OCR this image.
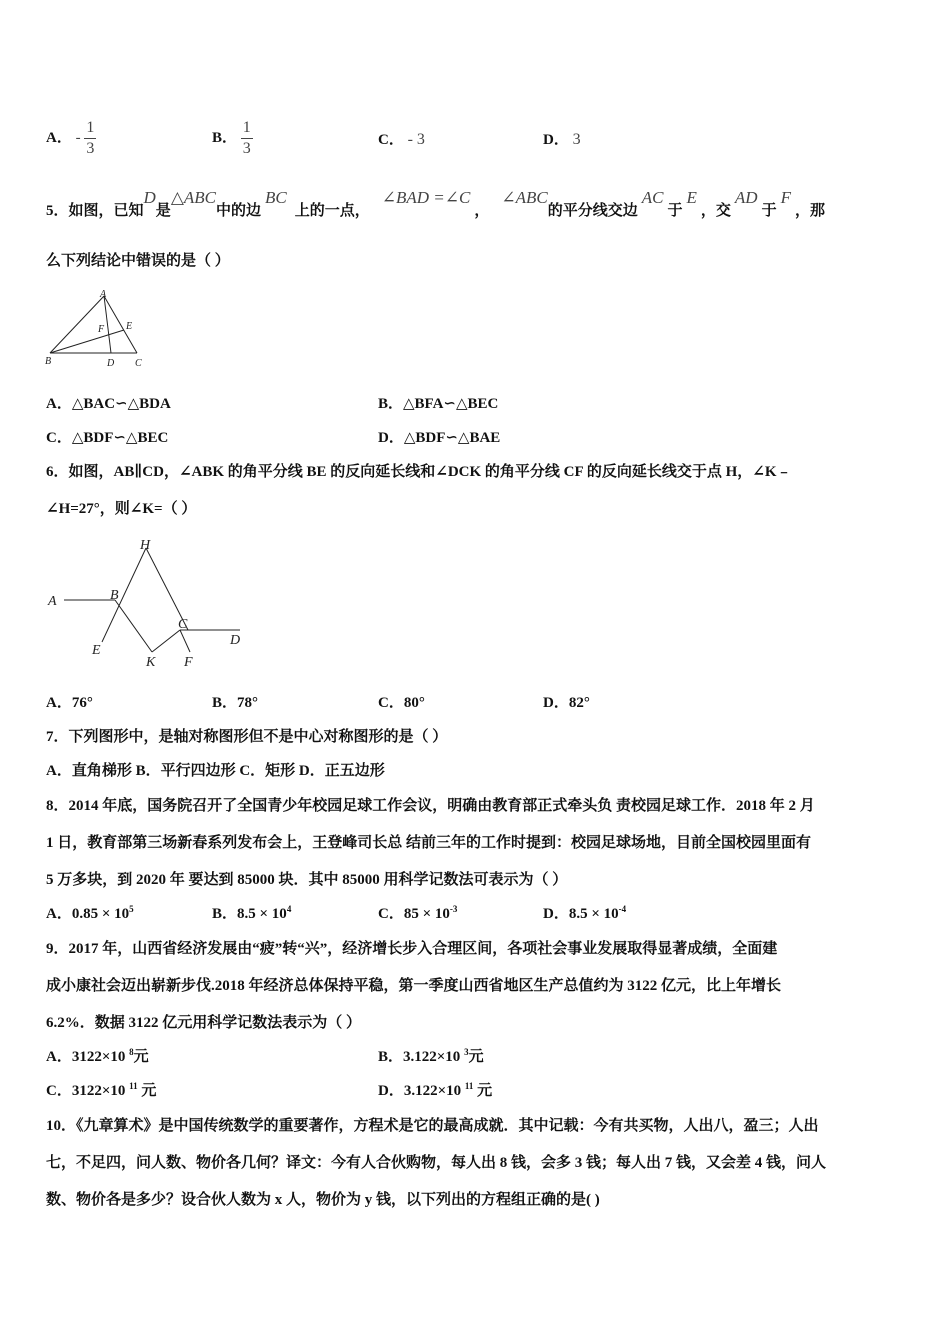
A． - $\frac{1}{3}$	B． $\frac{1}{3}$	C． - 3	D． 3
5．如图，已知D是△ABC中的边BC上的一点，∠BAD =∠C，∠ABC的平分线交边AC于E，交AD于F，那
么下列结论中错误的是（ ）
A
B	C
D
E
F
A．△BAC∽△BDA	B．△BFA∽△BEC
C．△BDF∽△BEC	D．△BDF∽△BAE
6．如图，AB∥CD，∠ABK 的角平分线 BE 的反向延长线和∠DCK 的角平分线 CF 的反向延长线交于点 H，∠K﹣
∠H=27°，则∠K=（ ）
H
A	B
C
D
E
K F
A．76°	B．78°	C．80°	D．82°
7．下列图形中，是轴对称图形但不是中心对称图形的是（ ）
A．直角梯形 B．平行四边形 C．矩形 D．正五边形
8．2014 年底，国务院召开了全国青少年校园足球工作会议，明确由教育部正式牵头负 责校园足球工作．2018 年 2 月
1 日，教育部第三场新春系列发布会上，王登峰司长总 结前三年的工作时提到：校园足球场地，目前全国校园里面有
5 万多块，到 2020 年 要达到 85000 块．其中 85000 用科学记数法可表示为（ ）
A．$0.85 \times 10^5$	B．$8.5 \times 10^4$	C．$85 \times 10^{-3}$	D．$8.5 \times 10^{-4}$
9．2017 年，山西省经济发展由“疲”转“兴”，经济增长步入合理区间，各项社会事业发展取得显著成绩，全面建
成小康社会迈出崭新步伐.2018 年经济总体保持平稳，第一季度山西省地区生产总值约为 3122 亿元，比上年增长
6.2%．数据 3122 亿元用科学记数法表示为（ ）
A．3122×10 $^8$元	B．3.122×10 $^3$元
C．3122×10 $^{11}$ 元	D．3.122×10 $^{11}$ 元
10．《九章算术》是中国传统数学的重要著作，方程术是它的最高成就．其中记载：今有共买物，人出八，盈三；人出
七，不足四，问人数、物价各几何？译文：今有人合伙购物，每人出 8 钱，会多 3 钱；每人出 7 钱，又会差 4 钱，问人
数、物价各是多少？设合伙人数为 x 人，物价为 y 钱，以下列出的方程组正确的是( )
